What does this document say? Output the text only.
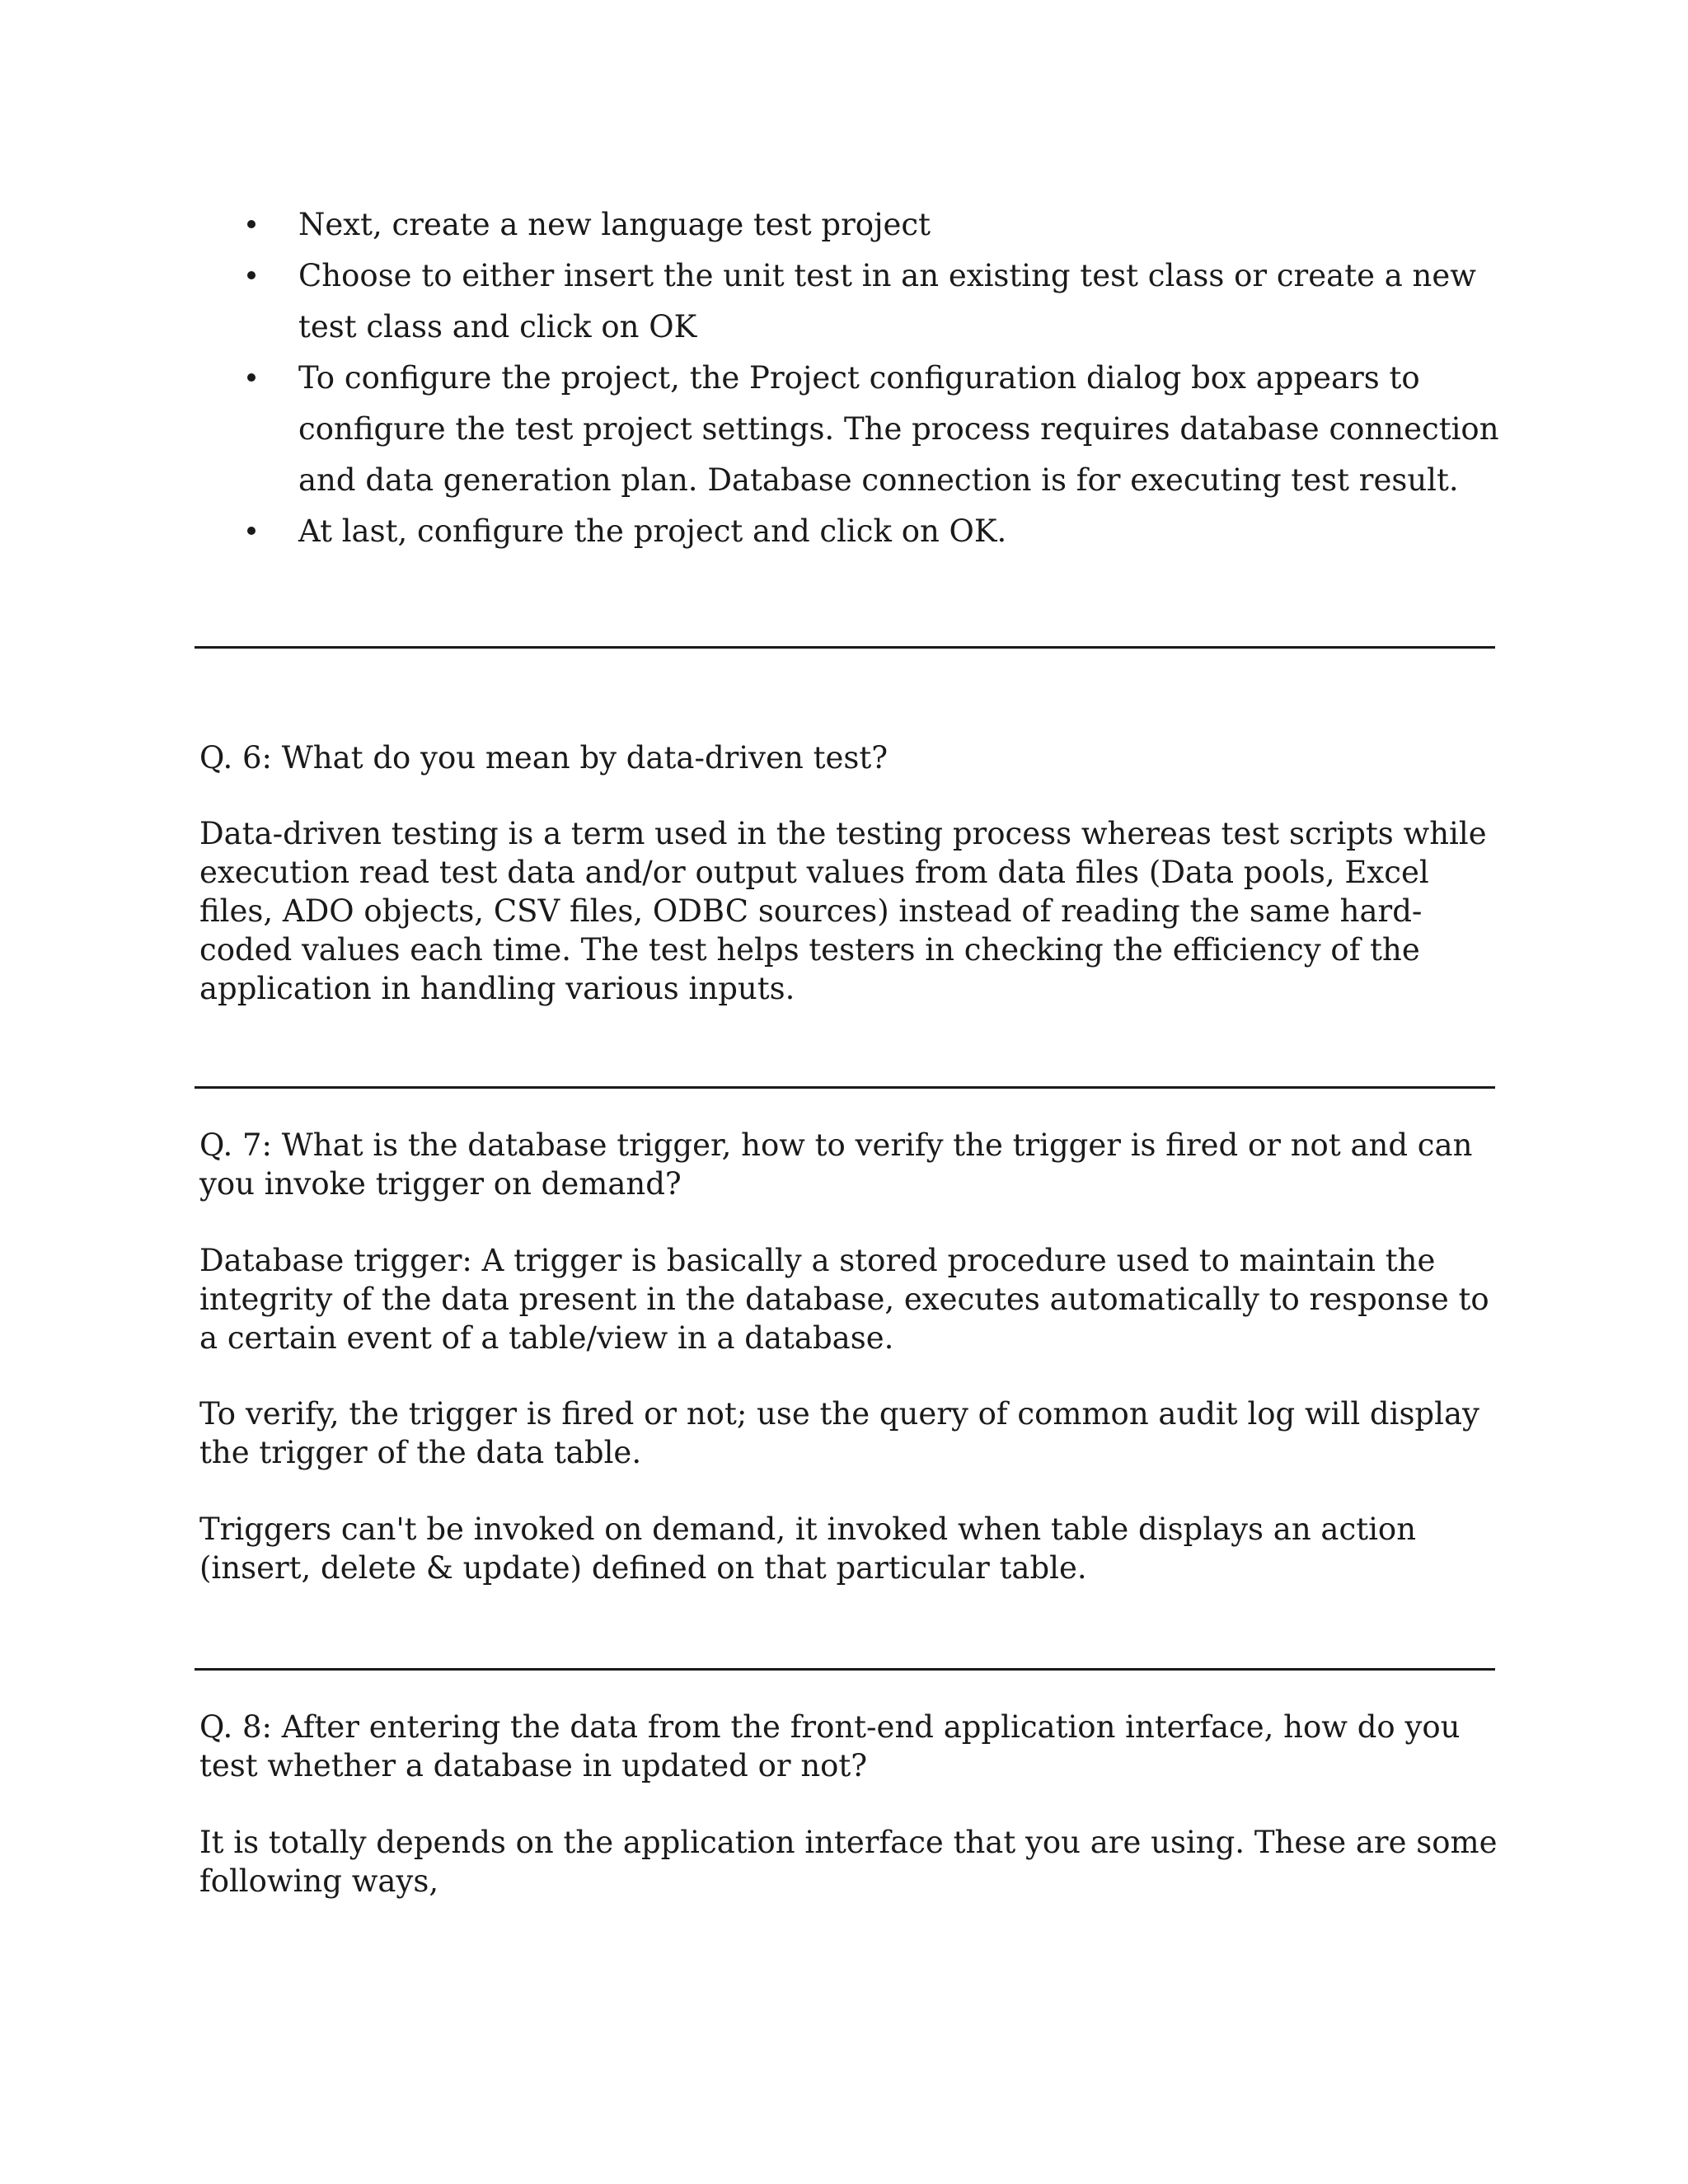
Next, create a new language test project
Choose to either insert the unit test in an existing test class or create a new test class and click on OK
To configure the project, the Project configuration dialog box appears to configure the test project settings. The process requires database connection and data generation plan. Database connection is for executing test result.
At last, configure the project and click on OK.

Q. 6: What do you mean by data-driven test?

Data-driven testing is a term used in the testing process whereas test scripts while execution read test data and/or output values from data files (Data pools, Excel files, ADO objects, CSV files, ODBC sources) instead of reading the same hard-coded values each time. The test helps testers in checking the efficiency of the application in handling various inputs.

Q. 7: What is the database trigger, how to verify the trigger is fired or not and can you invoke trigger on demand?

Database trigger: A trigger is basically a stored procedure used to maintain the integrity of the data present in the database, executes automatically to response to a certain event of a table/view in a database.

To verify, the trigger is fired or not; use the query of common audit log will display the trigger of the data table.

Triggers can't be invoked on demand, it invoked when table displays an action (insert, delete & update) defined on that particular table.

Q. 8: After entering the data from the front-end application interface, how do you test whether a database in updated or not?

It is totally depends on the application interface that you are using. These are some following ways,
